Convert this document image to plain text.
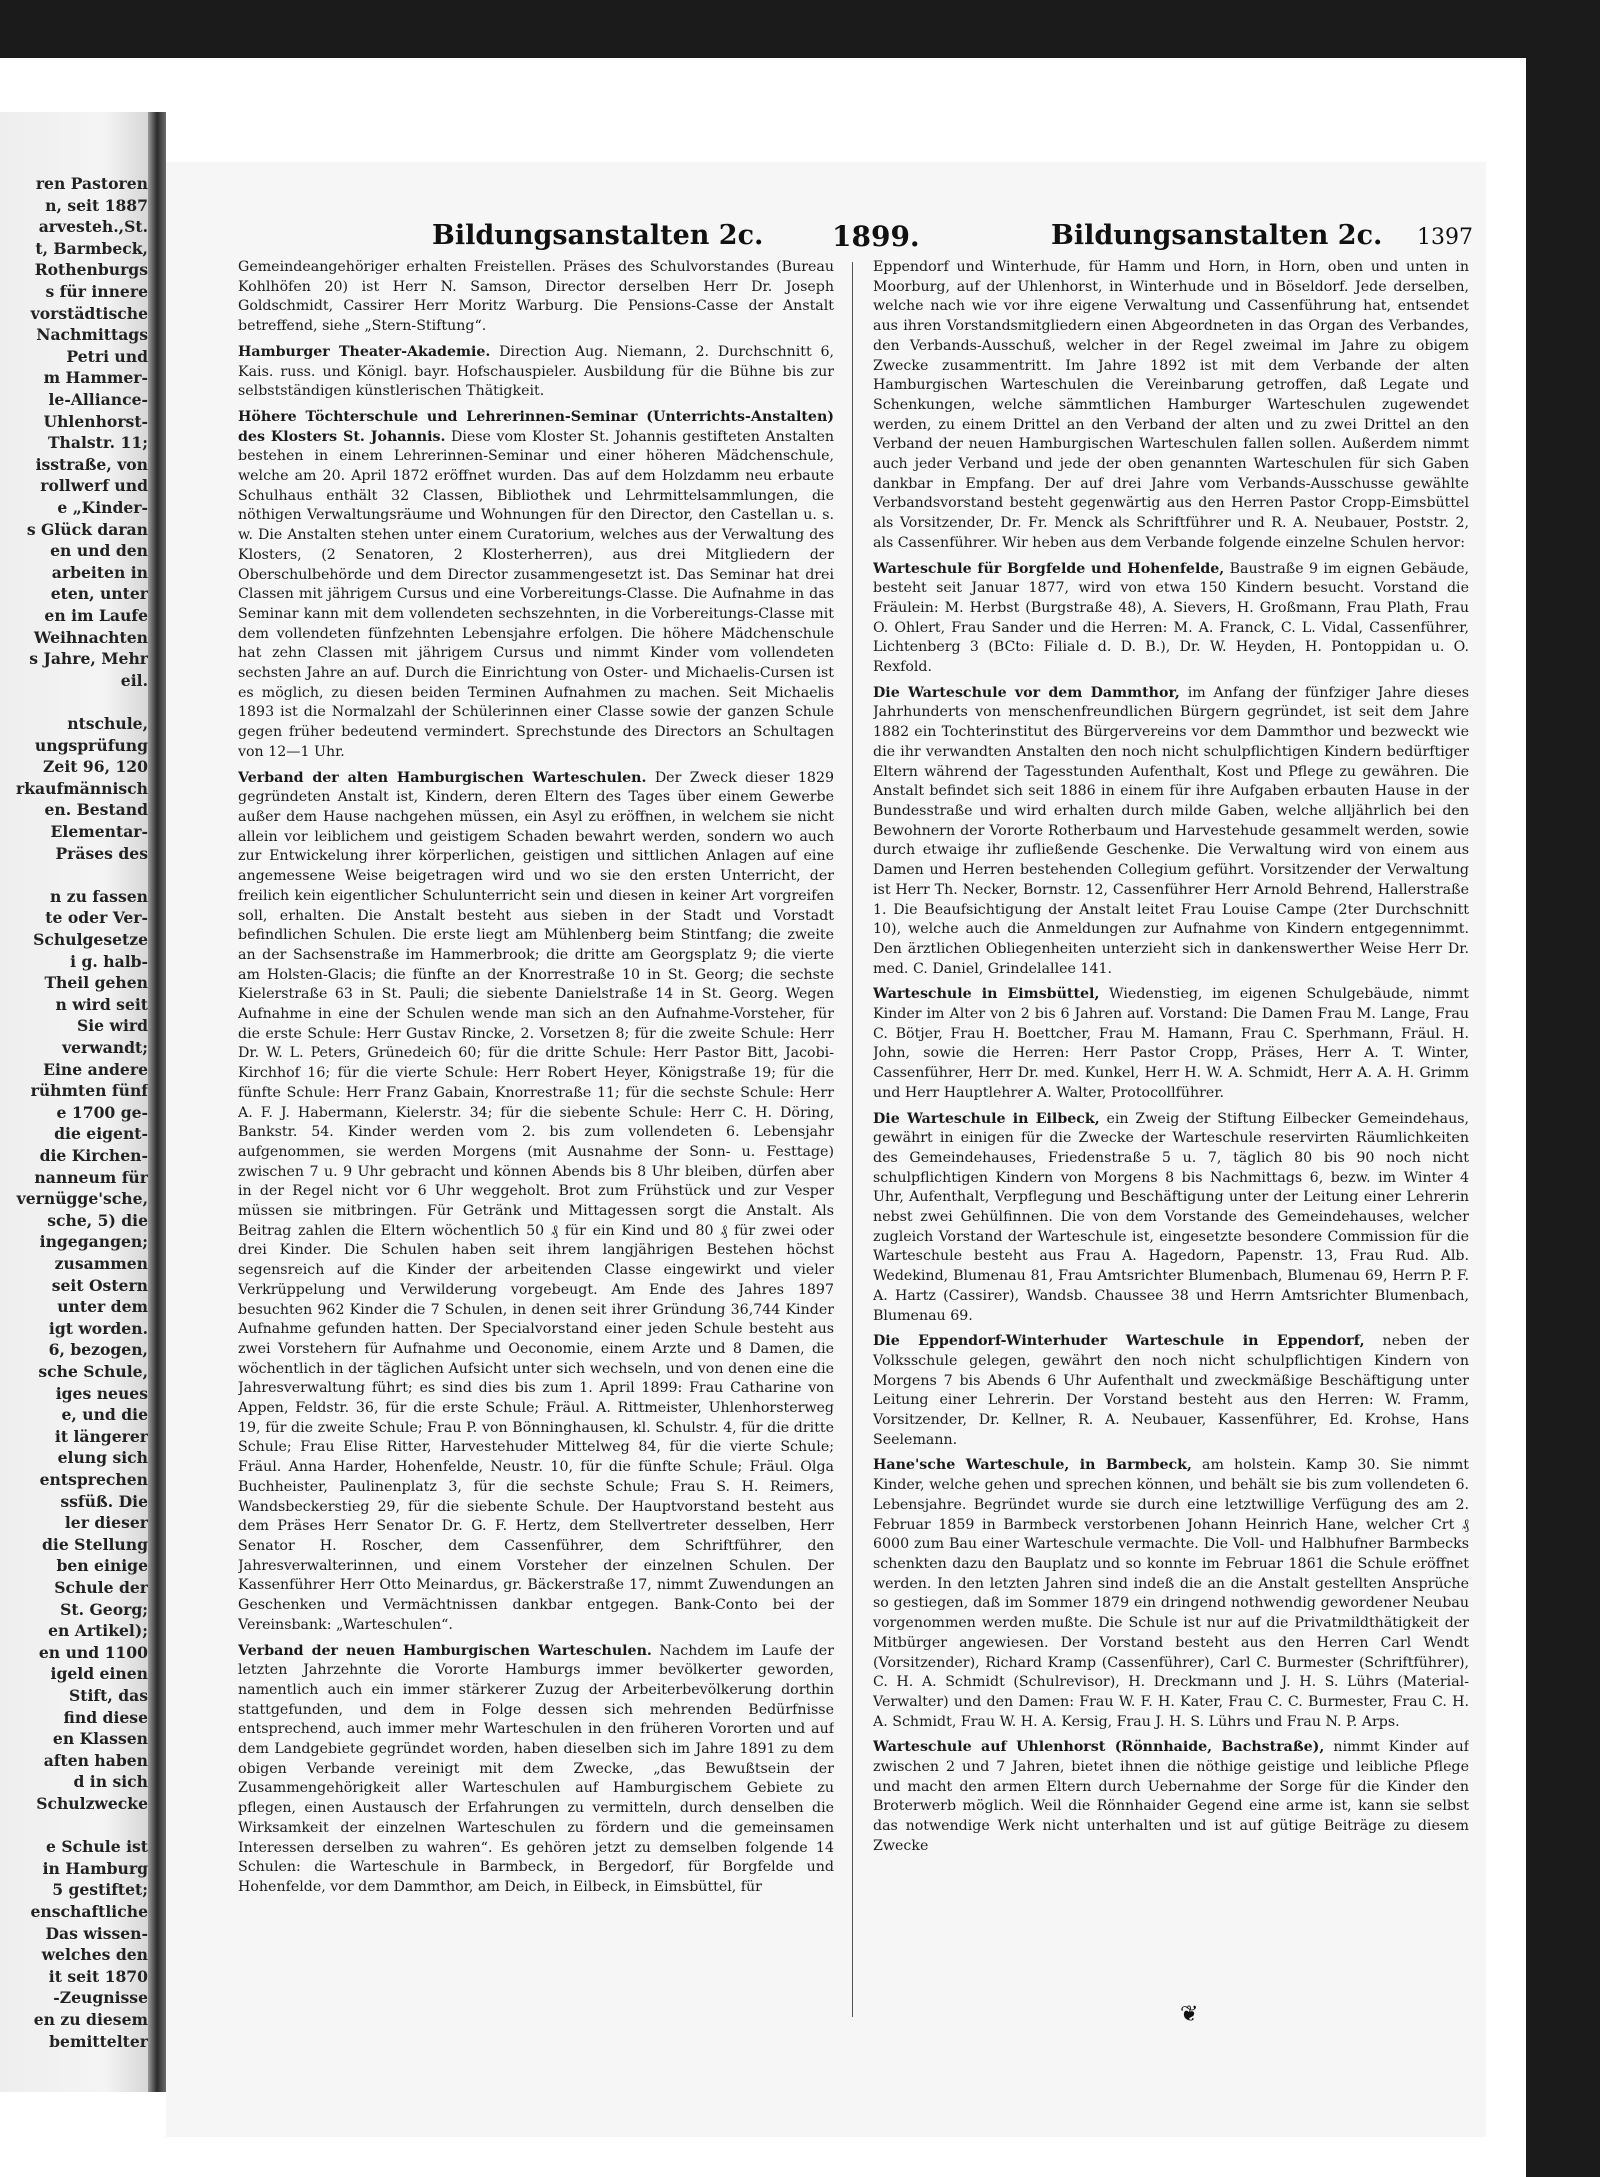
ren Pastoren
n, seit 1887
arvesteh.,St.
t, Barmbeck,
Rothenburgs
s für innere
vorstädtische
Nachmittags
Petri und
m Hammer-
le-Alliance-
Uhlenhorst-
Thalstr. 11;
isstraße, von
rollwerf und
e „Kinder-
s Glück daran
en und den
arbeiten in
eten, unter
en im Laufe
Weihnachten
s Jahre, Mehr
eil.
ntschule,
ungsprüfung
Zeit 96, 120
rkaufmännisch
en. Bestand
Elementar-
Präses des
n zu fassen
te oder Ver-
Schulgesetze
i g. halb-
Theil gehen
n wird seit
Sie wird
verwandt;
Eine andere
rühmten fünf
e 1700 ge-
die eigent-
die Kirchen-
nanneum für
vernügge'sche,
sche, 5) die
ingegangen;
zusammen
seit Ostern
unter dem
igt worden.
6, bezogen,
sche Schule,
iges neues
e, und die
it längerer
elung sich
entsprechen
ssfüß. Die
ler dieser
die Stellung
ben einige
Schule der
St. Georg;
en Artikel);
en und 1100
igeld einen
Stift, das
find diese
en Klassen
aften haben
d in sich
Schulzwecke
e Schule ist
in Hamburg
5 gestiftet;
enschaftliche
Das wissen-
welches den
it seit 1870
-Zeugnisse
en zu diesem
bemittelter
Bildungsanstalten 2c. 1899.	Bildungsanstalten 2c. 1397

Gemeindeangehöriger erhalten Freistellen. Präses des Schulvorstandes (Bureau Kohlhöfen 20) ist Herr N. Samson, Director derselben Herr Dr. Joseph Goldschmidt, Cassirer Herr Moritz Warburg. Die Pensions-Casse der Anstalt betreffend, siehe „Stern-Stiftung“.

Hamburger Theater-Akademie. Direction Aug. Niemann, 2. Durchschnitt 6, Kais. russ. und Königl. bayr. Hofschauspieler. Ausbildung für die Bühne bis zur selbstständigen künstlerischen Thätigkeit.

Höhere Töchterschule und Lehrerinnen-Seminar (Unterrichts-Anstalten) des Klosters St. Johannis. Diese vom Kloster St. Johannis gestifteten Anstalten bestehen in einem Lehrerinnen-Seminar und einer höheren Mädchenschule, welche am 20. April 1872 eröffnet wurden. Das auf dem Holzdamm neu erbaute Schulhaus enthält 32 Classen, Bibliothek und Lehrmittelsammlungen, die nöthigen Verwaltungsräume und Wohnungen für den Director, den Castellan u. s. w. Die Anstalten stehen unter einem Curatorium, welches aus der Verwaltung des Klosters, (2 Senatoren, 2 Klosterherren), aus drei Mitgliedern der Oberschulbehörde und dem Director zusammengesetzt ist. Das Seminar hat drei Classen mit jährigem Cursus und eine Vorbereitungs-Classe. Die Aufnahme in das Seminar kann mit dem vollendeten sechszehnten, in die Vorbereitungs-Classe mit dem vollendeten fünfzehnten Lebensjahre erfolgen. Die höhere Mädchenschule hat zehn Classen mit jährigem Cursus und nimmt Kinder vom vollendeten sechsten Jahre an auf. Durch die Einrichtung von Oster- und Michaelis-Cursen ist es möglich, zu diesen beiden Terminen Aufnahmen zu machen. Seit Michaelis 1893 ist die Normalzahl der Schülerinnen einer Classe sowie der ganzen Schule gegen früher bedeutend vermindert. Sprechstunde des Directors an Schultagen von 12—1 Uhr.

Verband der alten Hamburgischen Warteschulen. Der Zweck dieser 1829 gegründeten Anstalt ist, Kindern, deren Eltern des Tages über einem Gewerbe außer dem Hause nachgehen müssen, ein Asyl zu eröffnen, in welchem sie nicht allein vor leiblichem und geistigem Schaden bewahrt werden, sondern wo auch zur Entwickelung ihrer körperlichen, geistigen und sittlichen Anlagen auf eine angemessene Weise beigetragen wird und wo sie den ersten Unterricht, der freilich kein eigentlicher Schulunterricht sein und diesen in keiner Art vorgreifen soll, erhalten. Die Anstalt besteht aus sieben in der Stadt und Vorstadt befindlichen Schulen. Die erste liegt am Mühlenberg beim Stintfang; die zweite an der Sachsenstraße im Hammerbrook; die dritte am Georgsplatz 9; die vierte am Holsten-Glacis; die fünfte an der Knorrestraße 10 in St. Georg; die sechste Kielerstraße 63 in St. Pauli; die siebente Danielstraße 14 in St. Georg. Wegen Aufnahme in eine der Schulen wende man sich an den Aufnahme-Vorsteher, für die erste Schule: Herr Gustav Rincke, 2. Vorsetzen 8; für die zweite Schule: Herr Dr. W. L. Peters, Grünedeich 60; für die dritte Schule: Herr Pastor Bitt, Jacobi-Kirchhof 16; für die vierte Schule: Herr Robert Heyer, Königstraße 19; für die fünfte Schule: Herr Franz Gabain, Knorrestraße 11; für die sechste Schule: Herr A. F. J. Habermann, Kielerstr. 34; für die siebente Schule: Herr C. H. Döring, Bankstr. 54. Kinder werden vom 2. bis zum vollendeten 6. Lebensjahr aufgenommen, sie werden Morgens (mit Ausnahme der Sonn- u. Festtage) zwischen 7 u. 9 Uhr gebracht und können Abends bis 8 Uhr bleiben, dürfen aber in der Regel nicht vor 6 Uhr weggeholt. Brot zum Frühstück und zur Vesper müssen sie mitbringen. Für Getränk und Mittagessen sorgt die Anstalt. Als Beitrag zahlen die Eltern wöchentlich 50 ₰ für ein Kind und 80 ₰ für zwei oder drei Kinder. Die Schulen haben seit ihrem langjährigen Bestehen höchst segensreich auf die Kinder der arbeitenden Classe eingewirkt und vieler Verkrüppelung und Verwilderung vorgebeugt. Am Ende des Jahres 1897 besuchten 962 Kinder die 7 Schulen, in denen seit ihrer Gründung 36,744 Kinder Aufnahme gefunden hatten. Der Specialvorstand einer jeden Schule besteht aus zwei Vorstehern für Aufnahme und Oeconomie, einem Arzte und 8 Damen, die wöchentlich in der täglichen Aufsicht unter sich wechseln, und von denen eine die Jahresverwaltung führt; es sind dies bis zum 1. April 1899: Frau Catharine von Appen, Feldstr. 36, für die erste Schule; Fräul. A. Rittmeister, Uhlenhorsterweg 19, für die zweite Schule; Frau P. von Bönninghausen, kl. Schulstr. 4, für die dritte Schule; Frau Elise Ritter, Harvestehuder Mittelweg 84, für die vierte Schule; Fräul. Anna Harder, Hohenfelde, Neustr. 10, für die fünfte Schule; Fräul. Olga Buchheister, Paulinenplatz 3, für die sechste Schule; Frau S. H. Reimers, Wandsbeckerstieg 29, für die siebente Schule. Der Hauptvorstand besteht aus dem Präses Herr Senator Dr. G. F. Hertz, dem Stellvertreter desselben, Herr Senator H. Roscher, dem Cassenführer, dem Schriftführer, den Jahresverwalterinnen, und einem Vorsteher der einzelnen Schulen. Der Kassenführer Herr Otto Meinardus, gr. Bäckerstraße 17, nimmt Zuwendungen an Geschenken und Vermächtnissen dankbar entgegen. Bank-Conto bei der Vereinsbank: „Warteschulen“.

Verband der neuen Hamburgischen Warteschulen. Nachdem im Laufe der letzten Jahrzehnte die Vororte Hamburgs immer bevölkerter geworden, namentlich auch ein immer stärkerer Zuzug der Arbeiterbevölkerung dorthin stattgefunden, und dem in Folge dessen sich mehrenden Bedürfnisse entsprechend, auch immer mehr Warteschulen in den früheren Vororten und auf dem Landgebiete gegründet worden, haben dieselben sich im Jahre 1891 zu dem obigen Verbande vereinigt mit dem Zwecke, „das Bewußtsein der Zusammengehörigkeit aller Warteschulen auf Hamburgischem Gebiete zu pflegen, einen Austausch der Erfahrungen zu vermitteln, durch denselben die Wirksamkeit der einzelnen Warteschulen zu fördern und die gemeinsamen Interessen derselben zu wahren“. Es gehören jetzt zu demselben folgende 14 Schulen: die Warteschule in Barmbeck, in Bergedorf, für Borgfelde und Hohenfelde, vor dem Dammthor, am Deich, in Eilbeck, in Eimsbüttel, für

Eppendorf und Winterhude, für Hamm und Horn, in Horn, oben und unten in Moorburg, auf der Uhlenhorst, in Winterhude und in Böseldorf. Jede derselben, welche nach wie vor ihre eigene Verwaltung und Cassenführung hat, entsendet aus ihren Vorstandsmitgliedern einen Abgeordneten in das Organ des Verbandes, den Verbands-Ausschuß, welcher in der Regel zweimal im Jahre zu obigem Zwecke zusammentritt. Im Jahre 1892 ist mit dem Verbande der alten Hamburgischen Warteschulen die Vereinbarung getroffen, daß Legate und Schenkungen, welche sämmtlichen Hamburger Warteschulen zugewendet werden, zu einem Drittel an den Verband der alten und zu zwei Drittel an den Verband der neuen Hamburgischen Warteschulen fallen sollen. Außerdem nimmt auch jeder Verband und jede der oben genannten Warteschulen für sich Gaben dankbar in Empfang. Der auf drei Jahre vom Verbands-Ausschusse gewählte Verbandsvorstand besteht gegenwärtig aus den Herren Pastor Cropp-Eimsbüttel als Vorsitzender, Dr. Fr. Menck als Schriftführer und R. A. Neubauer, Poststr. 2, als Cassenführer. Wir heben aus dem Verbande folgende einzelne Schulen hervor:

Warteschule für Borgfelde und Hohenfelde, Baustraße 9 im eignen Gebäude, besteht seit Januar 1877, wird von etwa 150 Kindern besucht. Vorstand die Fräulein: M. Herbst (Burgstraße 48), A. Sievers, H. Großmann, Frau Plath, Frau O. Ohlert, Frau Sander und die Herren: M. A. Franck, C. L. Vidal, Cassenführer, Lichtenberg 3 (BCto: Filiale d. D. B.), Dr. W. Heyden, H. Pontoppidan u. O. Rexfold.

Die Warteschule vor dem Dammthor, im Anfang der fünfziger Jahre dieses Jahrhunderts von menschenfreundlichen Bürgern gegründet, ist seit dem Jahre 1882 ein Tochterinstitut des Bürgervereins vor dem Dammthor und bezweckt wie die ihr verwandten Anstalten den noch nicht schulpflichtigen Kindern bedürftiger Eltern während der Tagesstunden Aufenthalt, Kost und Pflege zu gewähren. Die Anstalt befindet sich seit 1886 in einem für ihre Aufgaben erbauten Hause in der Bundesstraße und wird erhalten durch milde Gaben, welche alljährlich bei den Bewohnern der Vororte Rotherbaum und Harvestehude gesammelt werden, sowie durch etwaige ihr zufließende Geschenke. Die Verwaltung wird von einem aus Damen und Herren bestehenden Collegium geführt. Vorsitzender der Verwaltung ist Herr Th. Necker, Bornstr. 12, Cassenführer Herr Arnold Behrend, Hallerstraße 1. Die Beaufsichtigung der Anstalt leitet Frau Louise Campe (2ter Durchschnitt 10), welche auch die Anmeldungen zur Aufnahme von Kindern entgegennimmt. Den ärztlichen Obliegenheiten unterzieht sich in dankenswerther Weise Herr Dr. med. C. Daniel, Grindelallee 141.

Warteschule in Eimsbüttel, Wiedenstieg, im eigenen Schulgebäude, nimmt Kinder im Alter von 2 bis 6 Jahren auf. Vorstand: Die Damen Frau M. Lange, Frau C. Bötjer, Frau H. Boettcher, Frau M. Hamann, Frau C. Sperhmann, Fräul. H. John, sowie die Herren: Herr Pastor Cropp, Präses, Herr A. T. Winter, Cassenführer, Herr Dr. med. Kunkel, Herr H. W. A. Schmidt, Herr A. A. H. Grimm und Herr Hauptlehrer A. Walter, Protocollführer.

Die Warteschule in Eilbeck, ein Zweig der Stiftung Eilbecker Gemeindehaus, gewährt in einigen für die Zwecke der Warteschule reservirten Räumlichkeiten des Gemeindehauses, Friedenstraße 5 u. 7, täglich 80 bis 90 noch nicht schulpflichtigen Kindern von Morgens 8 bis Nachmittags 6, bezw. im Winter 4 Uhr, Aufenthalt, Verpflegung und Beschäftigung unter der Leitung einer Lehrerin nebst zwei Gehülfinnen. Die von dem Vorstande des Gemeindehauses, welcher zugleich Vorstand der Warteschule ist, eingesetzte besondere Commission für die Warteschule besteht aus Frau A. Hagedorn, Papenstr. 13, Frau Rud. Alb. Wedekind, Blumenau 81, Frau Amtsrichter Blumenbach, Blumenau 69, Herrn P. F. A. Hartz (Cassirer), Wandsb. Chaussee 38 und Herrn Amtsrichter Blumenbach, Blumenau 69.

Die Eppendorf-Winterhuder Warteschule in Eppendorf, neben der Volksschule gelegen, gewährt den noch nicht schulpflichtigen Kindern von Morgens 7 bis Abends 6 Uhr Aufenthalt und zweckmäßige Beschäftigung unter Leitung einer Lehrerin. Der Vorstand besteht aus den Herren: W. Framm, Vorsitzender, Dr. Kellner, R. A. Neubauer, Kassenführer, Ed. Krohse, Hans Seelemann.

Hane'sche Warteschule, in Barmbeck, am holstein. Kamp 30. Sie nimmt Kinder, welche gehen und sprechen können, und behält sie bis zum vollendeten 6. Lebensjahre. Begründet wurde sie durch eine letztwillige Verfügung des am 2. Februar 1859 in Barmbeck verstorbenen Johann Heinrich Hane, welcher Crt ₰ 6000 zum Bau einer Warteschule vermachte. Die Voll- und Halbhufner Barmbecks schenkten dazu den Bauplatz und so konnte im Februar 1861 die Schule eröffnet werden. In den letzten Jahren sind indeß die an die Anstalt gestellten Ansprüche so gestiegen, daß im Sommer 1879 ein dringend nothwendig gewordener Neubau vorgenommen werden mußte. Die Schule ist nur auf die Privatmildthätigkeit der Mitbürger angewiesen. Der Vorstand besteht aus den Herren Carl Wendt (Vorsitzender), Richard Kramp (Cassenführer), Carl C. Burmester (Schriftführer), C. H. A. Schmidt (Schulrevisor), H. Dreckmann und J. H. S. Lührs (Material-Verwalter) und den Damen: Frau W. F. H. Kater, Frau C. C. Burmester, Frau C. H. A. Schmidt, Frau W. H. A. Kersig, Frau J. H. S. Lührs und Frau N. P. Arps.

Warteschule auf Uhlenhorst (Rönnhaide, Bachstraße), nimmt Kinder auf zwischen 2 und 7 Jahren, bietet ihnen die nöthige geistige und leibliche Pflege und macht den armen Eltern durch Uebernahme der Sorge für die Kinder den Broterwerb möglich. Weil die Rönnhaider Gegend eine arme ist, kann sie selbst das notwendige Werk nicht unterhalten und ist auf gütige Beiträge zu diesem Zwecke

❦
